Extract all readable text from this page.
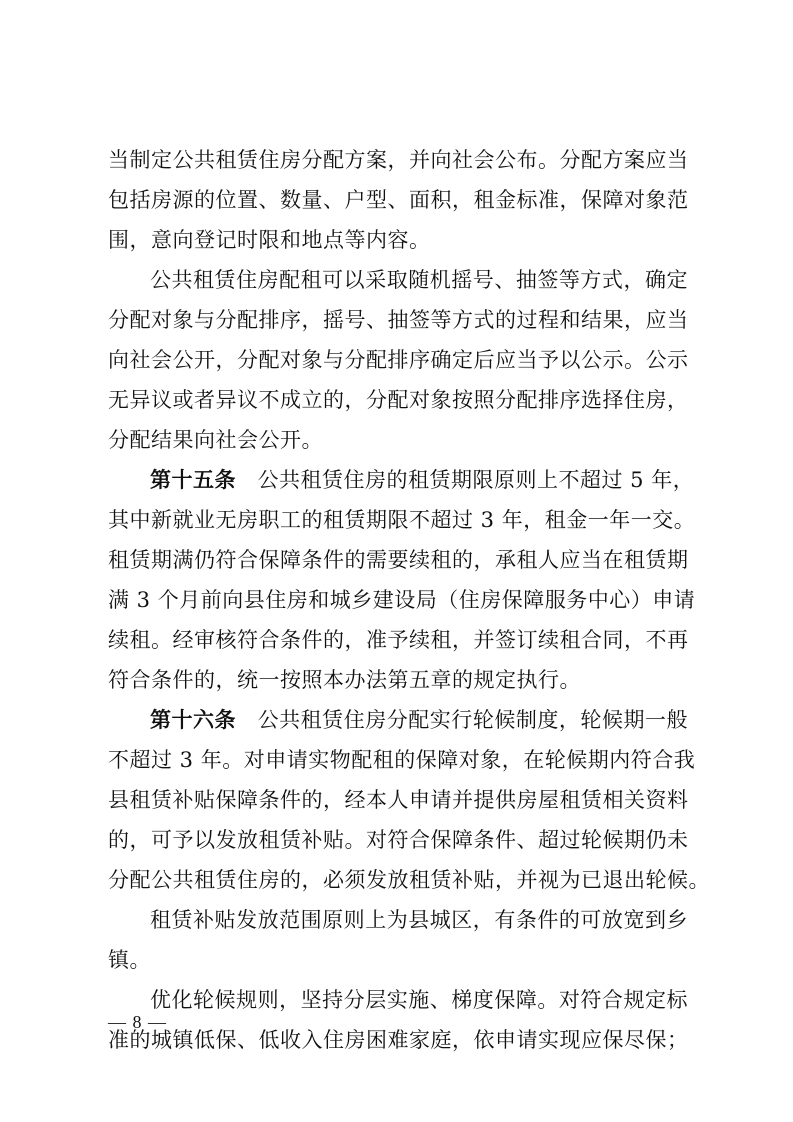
当制定公共租赁住房分配方案，并向社会公布。分配方案应当
包括房源的位置、数量、户型、面积，租金标准，保障对象范
围，意向登记时限和地点等内容。
公共租赁住房配租可以采取随机摇号、抽签等方式，确定
分配对象与分配排序，摇号、抽签等方式的过程和结果，应当
向社会公开，分配对象与分配排序确定后应当予以公示。公示
无异议或者异议不成立的，分配对象按照分配排序选择住房，
分配结果向社会公开。
第十五条　公共租赁住房的租赁期限原则上不超过 5 年，
其中新就业无房职工的租赁期限不超过 3 年，租金一年一交。
租赁期满仍符合保障条件的需要续租的，承租人应当在租赁期
满 3 个月前向县住房和城乡建设局（住房保障服务中心）申请
续租。经审核符合条件的，准予续租，并签订续租合同，不再
符合条件的，统一按照本办法第五章的规定执行。
第十六条　公共租赁住房分配实行轮候制度，轮候期一般
不超过 3 年。对申请实物配租的保障对象，在轮候期内符合我
县租赁补贴保障条件的，经本人申请并提供房屋租赁相关资料
的，可予以发放租赁补贴。对符合保障条件、超过轮候期仍未
分配公共租赁住房的，必须发放租赁补贴，并视为已退出轮候。
租赁补贴发放范围原则上为县城区，有条件的可放宽到乡
镇。
优化轮候规则，坚持分层实施、梯度保障。对符合规定标
准的城镇低保、低收入住房困难家庭，依申请实现应保尽保；
— 8 —
